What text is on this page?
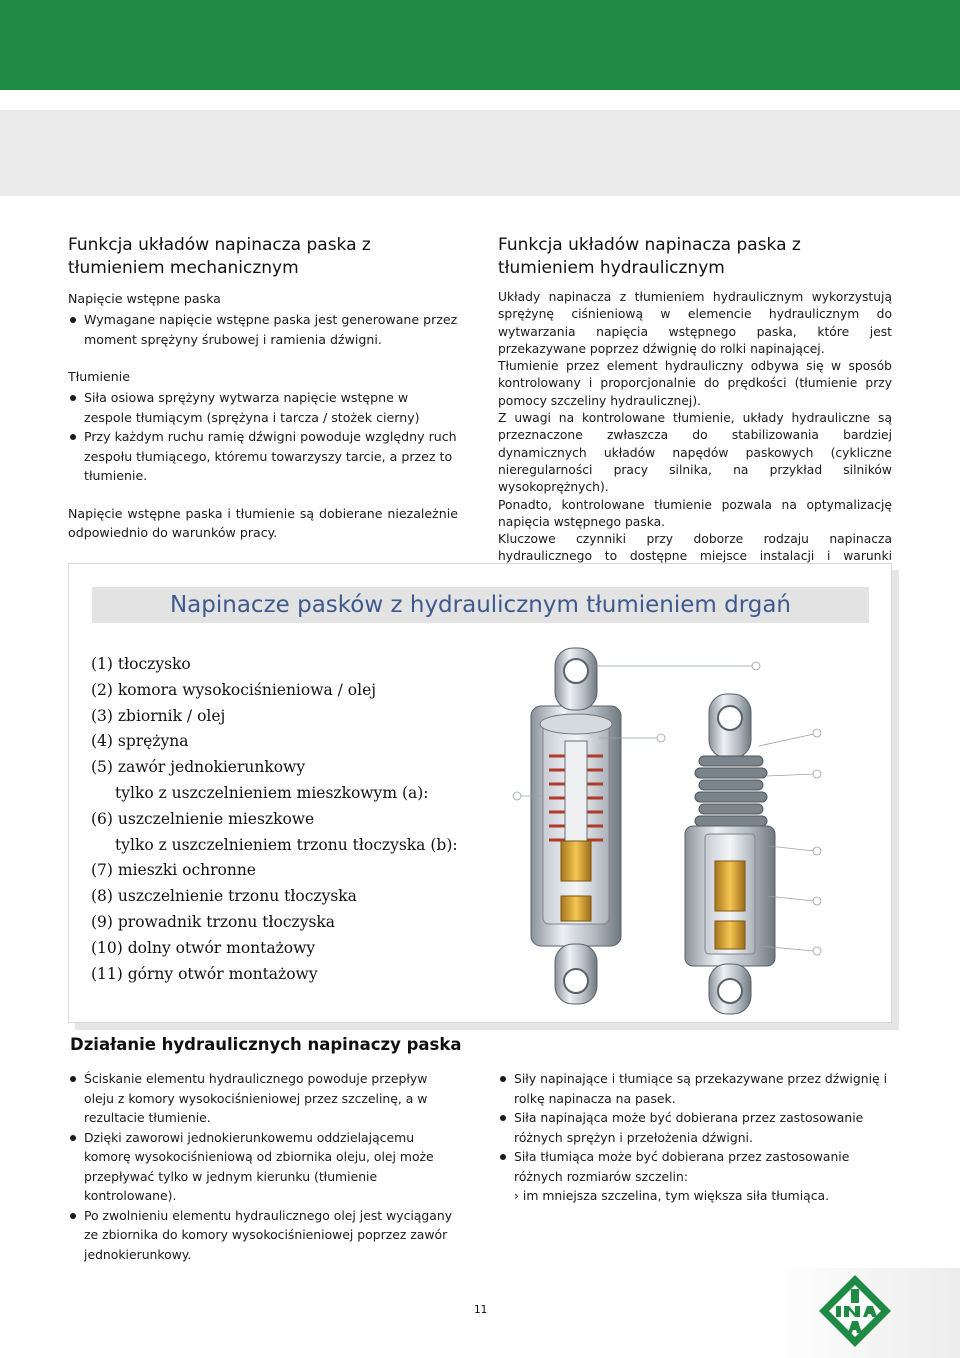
Funkcja układów napinacza paska z tłumieniem mechanicznym

Napięcie wstępne paska

Wymagane napięcie wstępne paska jest generowane przez moment sprężyny śrubowej i ramienia dźwigni.

Tłumienie

Siła osiowa sprężyny wytwarza napięcie wstępne w zespole tłumiącym (sprężyna i tarcza / stożek cierny)
Przy każdym ruchu ramię dźwigni powoduje względny ruch zespołu tłumiącego, któremu towarzyszy tarcie, a przez to tłumienie.

Napięcie wstępne paska i tłumienie są dobierane niezależnie odpowiednio do warunków pracy.

Funkcja układów napinacza paska z tłumieniem hydraulicznym

Układy napinacza z tłumieniem hydraulicznym wykorzystują sprężynę ciśnieniową w elemencie hydraulicznym do wytwarzania napięcia wstępnego paska, które jest przekazywane poprzez dźwignię do rolki napinającej.

Tłumienie przez element hydrauliczny odbywa się w sposób kontrolowany i proporcjonalnie do prędkości (tłumienie przy pomocy szczeliny hydraulicznej).

Z uwagi na kontrolowane tłumienie, układy hydrauliczne są przeznaczone zwłaszcza do stabilizowania bardziej dynamicznych układów napędów paskowych (cykliczne nieregularności pracy silnika, na przykład silników wysokoprężnych).

Ponadto, kontrolowane tłumienie pozwala na optymalizację napięcia wstępnego paska.

Kluczowe czynniki przy doborze rodzaju napinacza hydraulicznego to dostępne miejsce instalacji i warunki

Napinacze pasków z hydraulicznym tłumieniem drgań
(1) tłoczysko
(2) komora wysokociśnieniowa / olej
(3) zbiornik / olej
(4) sprężyna
(5) zawór jednokierunkowy
tylko z uszczelnieniem mieszkowym (a):
(6) uszczelnienie mieszkowe
tylko z uszczelnieniem trzonu tłoczyska (b):
(7) mieszki ochronne
(8) uszczelnienie trzonu tłoczyska
(9) prowadnik trzonu tłoczyska
(10) dolny otwór montażowy
(11) górny otwór montażowy
Działanie hydraulicznych napinaczy paska
Ściskanie elementu hydraulicznego powoduje przepływ oleju z komory wysokociśnieniowej przez szczelinę, a w rezultacie tłumienie.
Dzięki zaworowi jednokierunkowemu oddzielającemu komorę wysokociśnieniową od zbiornika oleju, olej może przepływać tylko w jednym kierunku (tłumienie kontrolowane).
Po zwolnieniu elementu hydraulicznego olej jest wyciągany ze zbiornika do komory wysokociśnieniowej poprzez zawór jednokierunkowy.
Siły napinające i tłumiące są przekazywane przez dźwignię i rolkę napinacza na pasek.
Siła napinająca może być dobierana przez zastosowanie różnych sprężyn i przełożenia dźwigni.
Siła tłumiąca może być dobierana przez zastosowanie różnych rozmiarów szczelin:

› im mniejsza szczelina, tym większa siła tłumiąca.

11
